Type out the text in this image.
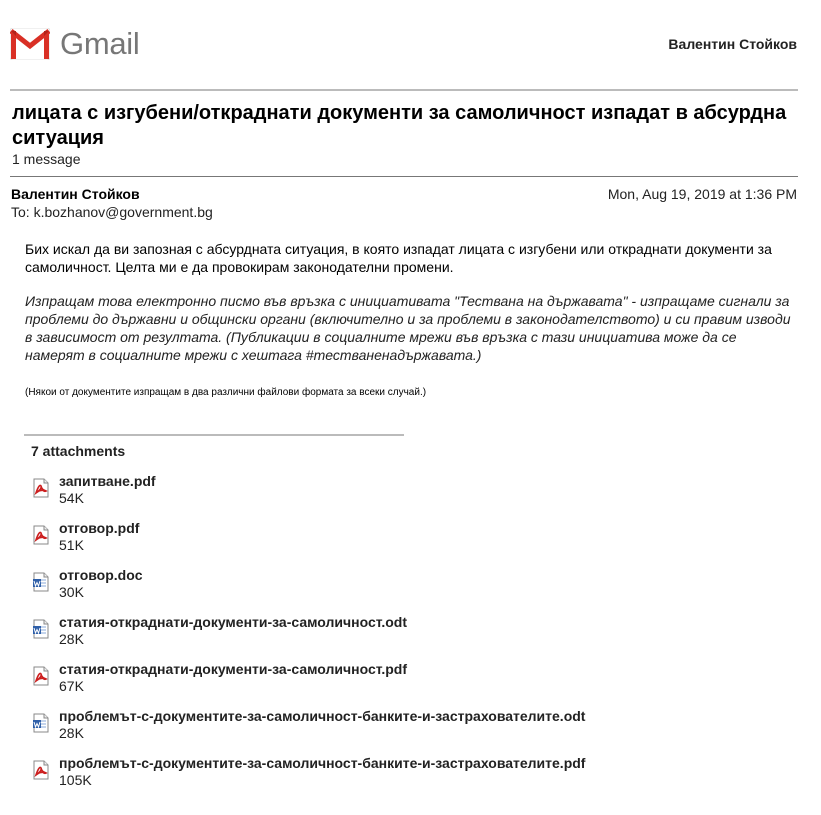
Gmail	Валентин Стойков
лицата с изгубени/откраднати документи за самоличност изпадат в абсурдна ситуация
1 message
Валентин Стойков	Mon, Aug 19, 2019 at 1:36 PM
To: k.bozhanov@government.bg

Бих искал да ви запозная с абсурдната ситуация, в която изпадат лицата с изгубени или откраднати документи за самоличност. Целта ми е да провокирам законодателни промени.

Изпращам това електронно писмо във връзка с инициативата "Тествана на държавата" - изпращаме сигнали за проблеми до държавни и общински органи (включително и за проблеми в законодателството) и си правим изводи в зависимост от резултата. (Публикации в социалните мрежи във връзка с тази инициатива може да се намерят в социалните мрежи с хештага #тестваненадържавата.)

(Някои от документите изпращам в два различни файлови формата за всеки случай.)

7 attachments
запитване.pdf
54K
отговор.pdf
51K
отговор.doc
30K
статия-откраднати-документи-за-самоличност.odt
28K
статия-откраднати-документи-за-самоличност.pdf
67K
проблемът-с-документите-за-самоличност-банките-и-застрахователите.odt
28K
проблемът-с-документите-за-самоличност-банките-и-застрахователите.pdf
105K
